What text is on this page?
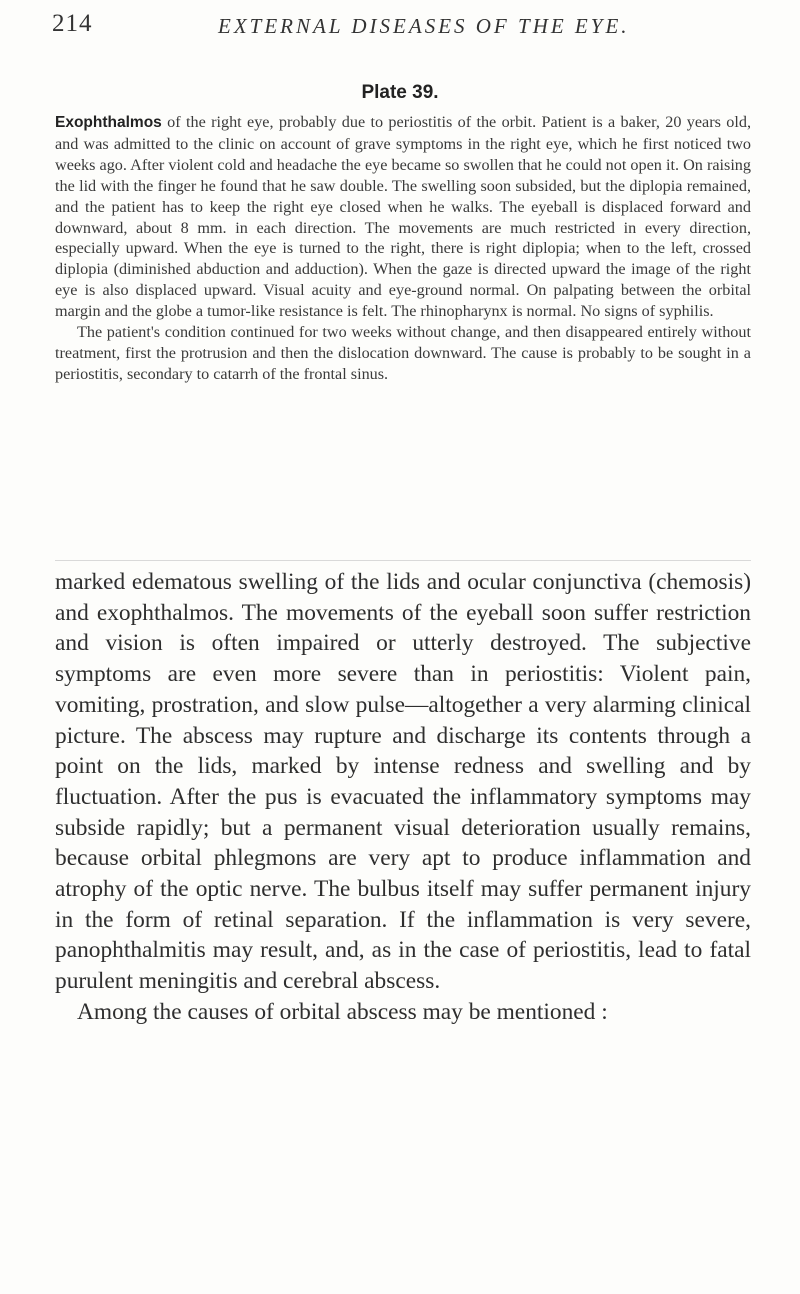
214	EXTERNAL DISEASES OF THE EYE.
Plate 39.

Exophthalmos of the right eye, probably due to periostitis of the orbit. Patient is a baker, 20 years old, and was admitted to the clinic on account of grave symptoms in the right eye, which he first noticed two weeks ago. After violent cold and headache the eye became so swollen that he could not open it. On raising the lid with the finger he found that he saw double. The swelling soon subsided, but the diplopia remained, and the patient has to keep the right eye closed when he walks. The eyeball is displaced forward and downward, about 8 mm. in each direction. The movements are much restricted in every direction, especially upward. When the eye is turned to the right, there is right diplopia; when to the left, crossed diplopia (diminished abduction and adduction). When the gaze is directed upward the image of the right eye is also displaced upward. Visual acuity and eye-ground normal. On palpating between the orbital margin and the globe a tumor-like resistance is felt. The rhinopharynx is normal. No signs of syphilis.

The patient's condition continued for two weeks without change, and then disappeared entirely without treatment, first the protrusion and then the dislocation downward. The cause is probably to be sought in a periostitis, secondary to catarrh of the frontal sinus.

marked edematous swelling of the lids and ocular conjunctiva (chemosis) and exophthalmos. The movements of the eyeball soon suffer restriction and vision is often impaired or utterly destroyed. The subjective symptoms are even more severe than in periostitis: Violent pain, vomiting, prostration, and slow pulse—altogether a very alarming clinical picture. The abscess may rupture and discharge its contents through a point on the lids, marked by intense redness and swelling and by fluctuation. After the pus is evacuated the inflammatory symptoms may subside rapidly; but a permanent visual deterioration usually remains, because orbital phlegmons are very apt to produce inflammation and atrophy of the optic nerve. The bulbus itself may suffer permanent injury in the form of retinal separation. If the inflammation is very severe, panophthalmitis may result, and, as in the case of periostitis, lead to fatal purulent meningitis and cerebral abscess.

Among the causes of orbital abscess may be mentioned :
